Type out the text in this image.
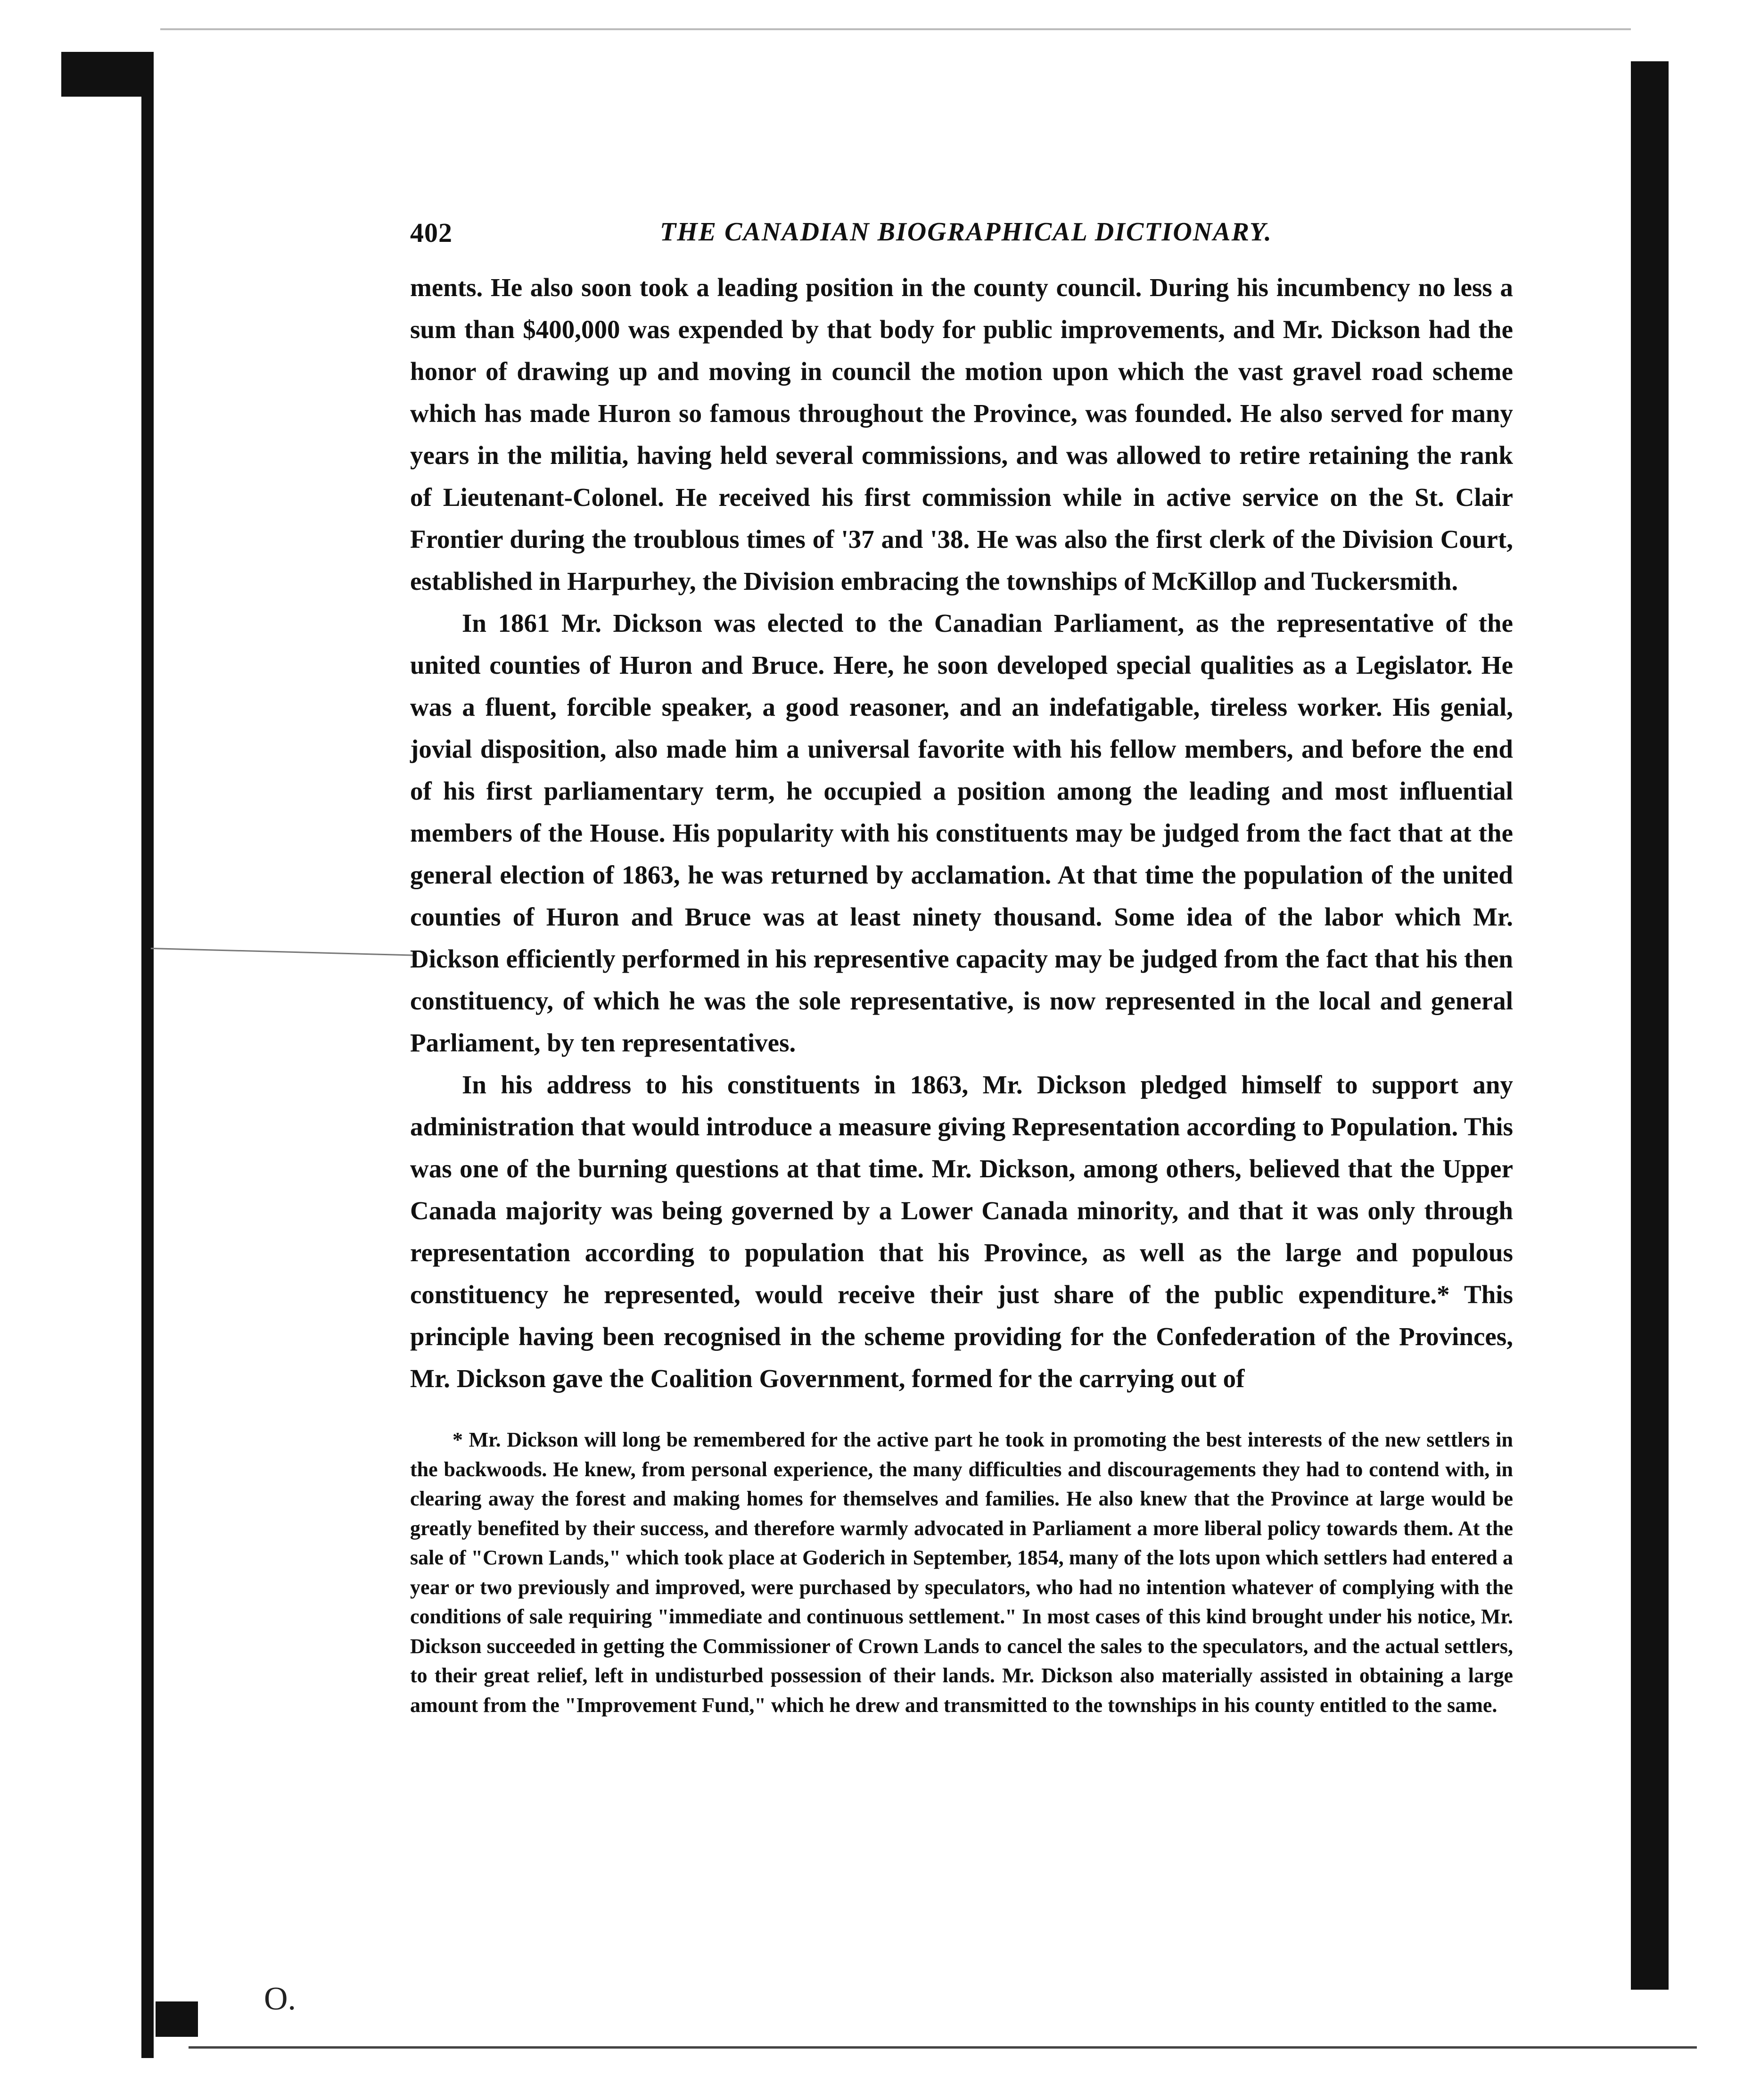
O.
402	THE CANADIAN BIOGRAPHICAL DICTIONARY.

ments. He also soon took a leading position in the county council. During his incumbency no less a sum than $400,000 was expended by that body for public improvements, and Mr. Dickson had the honor of drawing up and moving in council the motion upon which the vast gravel road scheme which has made Huron so famous throughout the Province, was founded. He also served for many years in the militia, having held several commissions, and was allowed to retire retaining the rank of Lieutenant-Colonel. He received his first commission while in active service on the St. Clair Frontier during the troublous times of '37 and '38. He was also the first clerk of the Division Court, established in Harpurhey, the Division embracing the townships of McKillop and Tuckersmith.

In 1861 Mr. Dickson was elected to the Canadian Parliament, as the representative of the united counties of Huron and Bruce. Here, he soon developed special qualities as a Legislator. He was a fluent, forcible speaker, a good reasoner, and an indefatigable, tireless worker. His genial, jovial disposition, also made him a universal favorite with his fellow members, and before the end of his first parliamentary term, he occupied a position among the leading and most influential members of the House. His popularity with his constituents may be judged from the fact that at the general election of 1863, he was returned by acclamation. At that time the population of the united counties of Huron and Bruce was at least ninety thousand. Some idea of the labor which Mr. Dickson efficiently performed in his representive capacity may be judged from the fact that his then constituency, of which he was the sole representative, is now represented in the local and general Parliament, by ten representatives.

In his address to his constituents in 1863, Mr. Dickson pledged himself to support any administration that would introduce a measure giving Representation according to Population. This was one of the burning questions at that time. Mr. Dickson, among others, believed that the Upper Canada majority was being governed by a Lower Canada minority, and that it was only through representation according to population that his Province, as well as the large and populous constituency he represented, would receive their just share of the public expenditure.* This principle having been recognised in the scheme providing for the Confederation of the Provinces, Mr. Dickson gave the Coalition Government, formed for the carrying out of

* Mr. Dickson will long be remembered for the active part he took in promoting the best interests of the new settlers in the backwoods. He knew, from personal experience, the many difficulties and discouragements they had to contend with, in clearing away the forest and making homes for themselves and families. He also knew that the Province at large would be greatly benefited by their success, and therefore warmly advocated in Parliament a more liberal policy towards them. At the sale of "Crown Lands," which took place at Goderich in September, 1854, many of the lots upon which settlers had entered a year or two previously and improved, were purchased by speculators, who had no intention whatever of complying with the conditions of sale requiring "immediate and continuous settlement." In most cases of this kind brought under his notice, Mr. Dickson succeeded in getting the Commissioner of Crown Lands to cancel the sales to the speculators, and the actual settlers, to their great relief, left in undisturbed possession of their lands. Mr. Dickson also materially assisted in obtaining a large amount from the "Improvement Fund," which he drew and transmitted to the townships in his county entitled to the same.
